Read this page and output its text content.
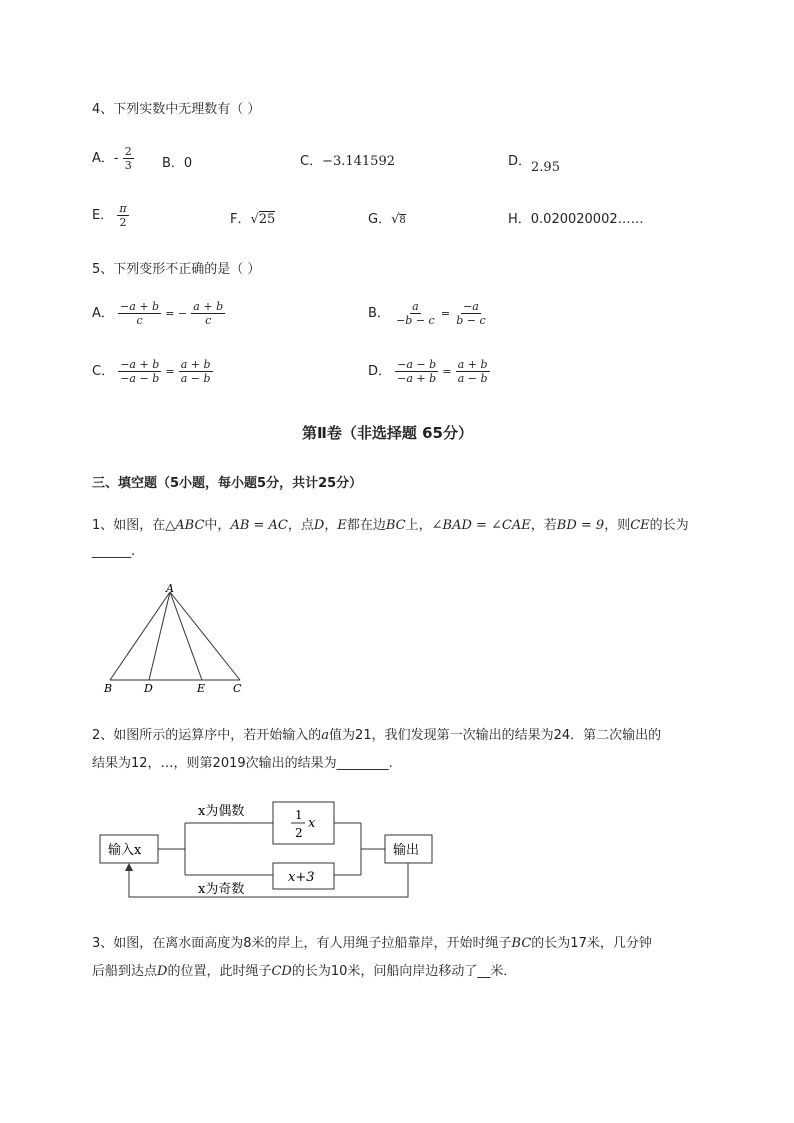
4、下列实数中无理数有（ ）
A．- $\frac{2}{3}$ B．0	C．−3.141592	D．2.95
E． $\frac{\pi}{2}$	F．√25	G．√8	H．0.020020002……
5、下列变形不正确的是（ ）
A． $\frac{-a + b}{c}$ = − $\frac{a + b}{c}$	B． $\frac{a}{-b - c} = \frac{-a}{b - c}$
C． $\frac{-a + b}{-a - b} = \frac{a + b}{a - b}$	D． $\frac{-a - b}{-a + b} = \frac{a + b}{a - b}$
第Ⅱ卷（非选择题 65分）
三、填空题（5小题，每小题5分，共计25分）
1、如图，在△ABC中，AB = AC，点D，E都在边BC上，∠BAD = ∠CAE，若BD = 9，则CE的长为
______.
A
B	D	E	C
2、如图所示的运算序中，若开始输入的a值为21，我们发现第一次输出的结果为24．第二次输出的
结果为12，…，则第2019次输出的结果为________.
输入x	输出
x为偶数
x为奇数
1
2
x
x+3
3、如图，在离水面高度为8米的岸上，有人用绳子拉船靠岸，开始时绳子BC的长为17米，几分钟
后船到达点D的位置，此时绳子CD的长为10米，问船向岸边移动了__米．
